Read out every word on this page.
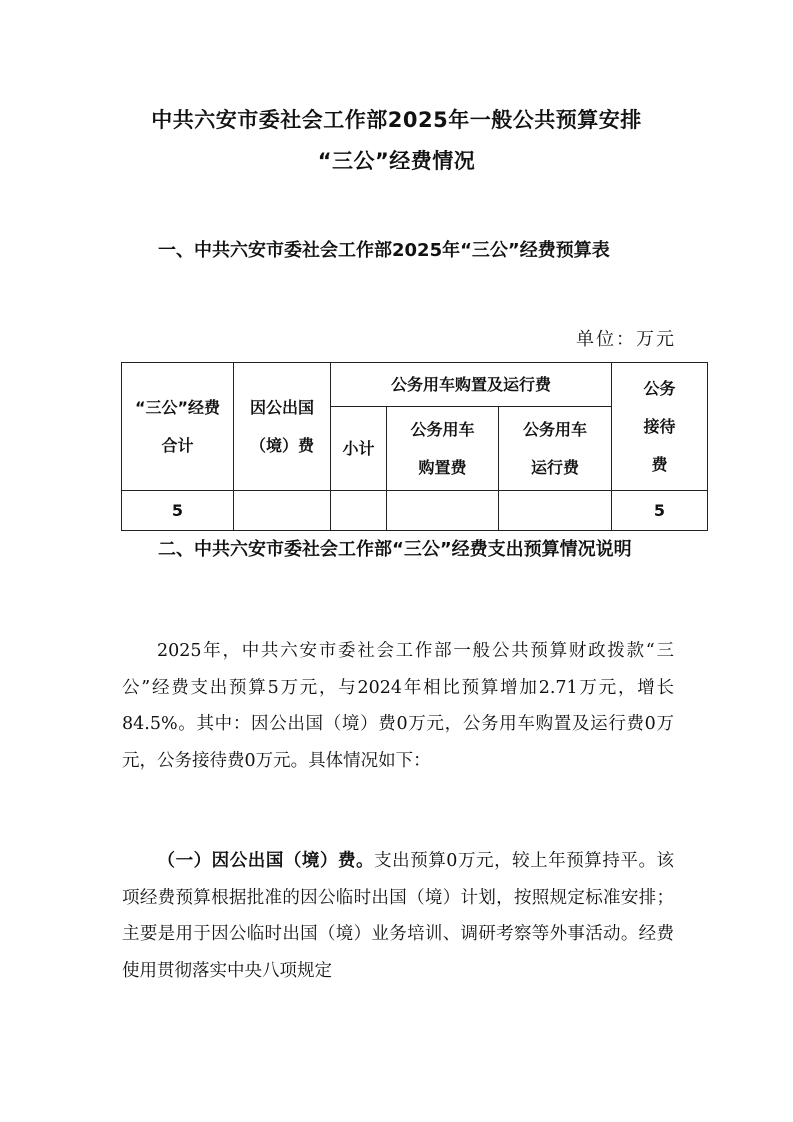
中共六安市委社会工作部2025年一般公共预算安排
“三公”经费情况

一、中共六安市委社会工作部2025年“三公”经费预算表

单位：万元
“三公”经费合计	因公出国（境）费	公务用车购置及运行费			公务接待费

		小计	公务用车购置费	公务用车运行费	

5					5

二、中共六安市委社会工作部“三公”经费支出预算情况说明

2025年，中共六安市委社会工作部一般公共预算财政拨款“三公”经费支出预算5万元，与2024年相比预算增加2.71万元，增长84.5%。其中：因公出国（境）费0万元，公务用车购置及运行费0万元，公务接待费0万元。具体情况如下：

（一）因公出国（境）费。支出预算0万元，较上年预算持平。该项经费预算根据批准的因公临时出国（境）计划，按照规定标准安排；主要是用于因公临时出国（境）业务培训、调研考察等外事活动。经费使用贯彻落实中央八项规定
